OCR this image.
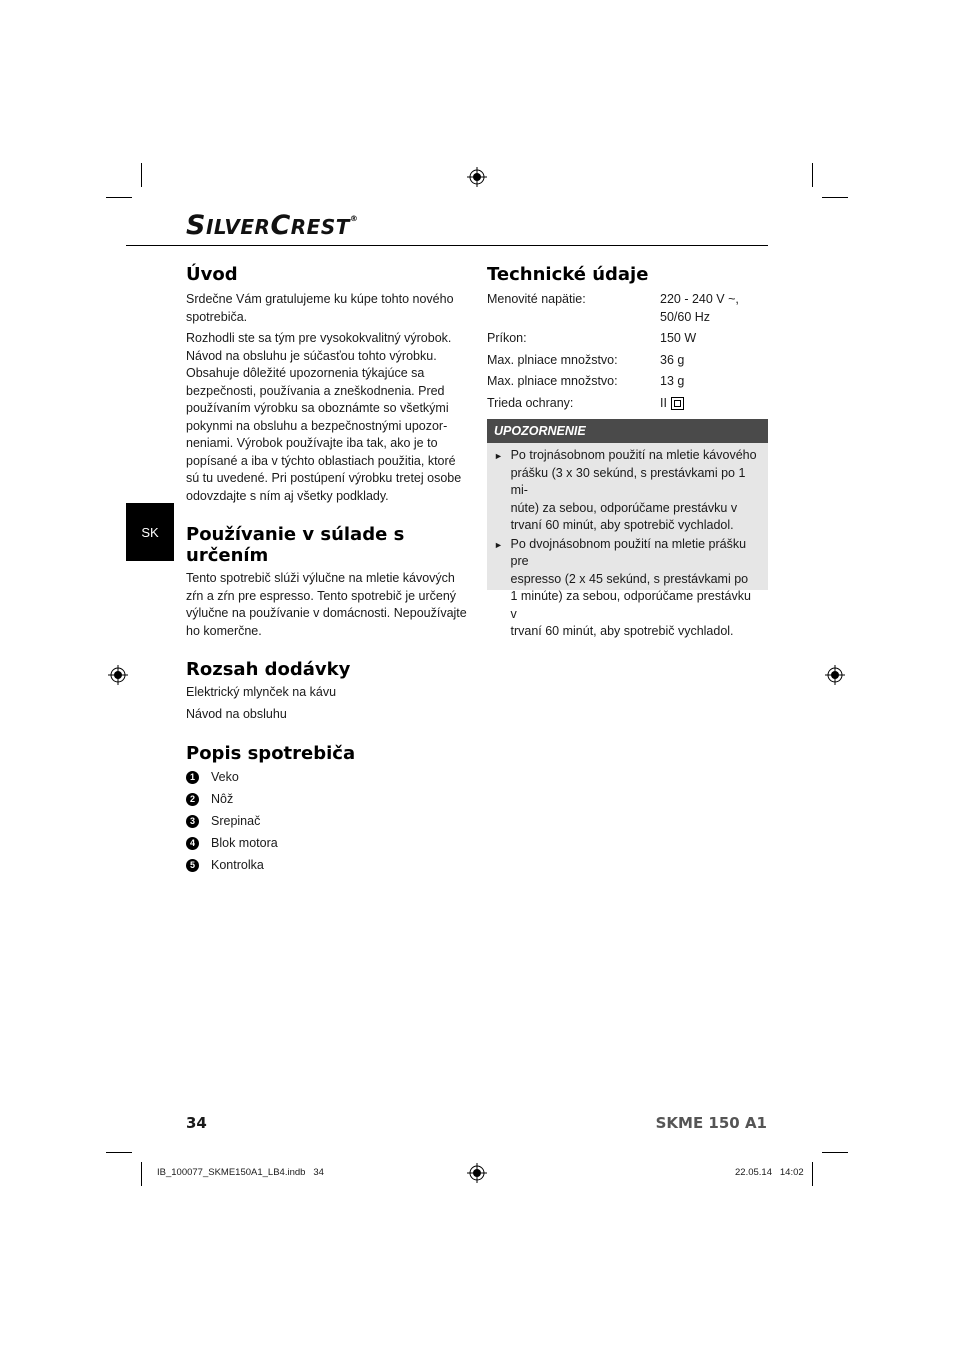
SILVERCREST®
SK
Úvod

Srdečne Vám gratulujeme ku kúpe tohto nového
spotrebiča.

Rozhodli ste sa tým pre vysokokvalitný výrobok.
Návod na obsluhu je súčasťou tohto výrobku.
Obsahuje dôležité upozornenia týkajúce sa
bezpečnosti, používania a zneškodnenia. Pred
používaním výrobku sa oboznámte so všetkými
pokynmi na obsluhu a bezpečnostnými upozor-
neniami. Výrobok používajte iba tak, ako je to
popísané a iba v týchto oblastiach použitia, ktoré
sú tu uvedené. Pri postúpení výrobku tretej osobe
odovzdajte s ním aj všetky podklady.

Používanie v súlade s určením

Tento spotrebič slúži výlučne na mletie kávových
zŕn a zŕn pre espresso. Tento spotrebič je určený
výlučne na používanie v domácnosti. Nepoužívajte
ho komerčne.

Rozsah dodávky

Elektrický mlynček na kávu

Návod na obsluhu

Popis spotrebiča
1	Veko
2	Nôž
3	Srepinač
4	Blok motora
5	Kontrolka
Technické údaje
Menovité napätie:	220 - 240 V ~,
50/60 Hz
Príkon:	150 W
Max. plniace množstvo:	36 g
Max. plniace množstvo:	13 g
Trieda ochrany:	II
UPOZORNENIE
► Po trojnásobnom použití na mletie kávového
prášku (3 x 30 sekúnd, s prestávkami po 1 mi-
núte) za sebou, odporúčame prestávku v
trvaní 60 minút, aby spotrebič vychladol.
► Po dvojnásobnom použití na mletie prášku pre
espresso (2 x 45 sekúnd, s prestávkami po
1 minúte) za sebou, odporúčame prestávku v
trvaní 60 minút, aby spotrebič vychladol.
34	SKME 150 A1
IB_100077_SKME150A1_LB4.indb   34	22.05.14   14:02
